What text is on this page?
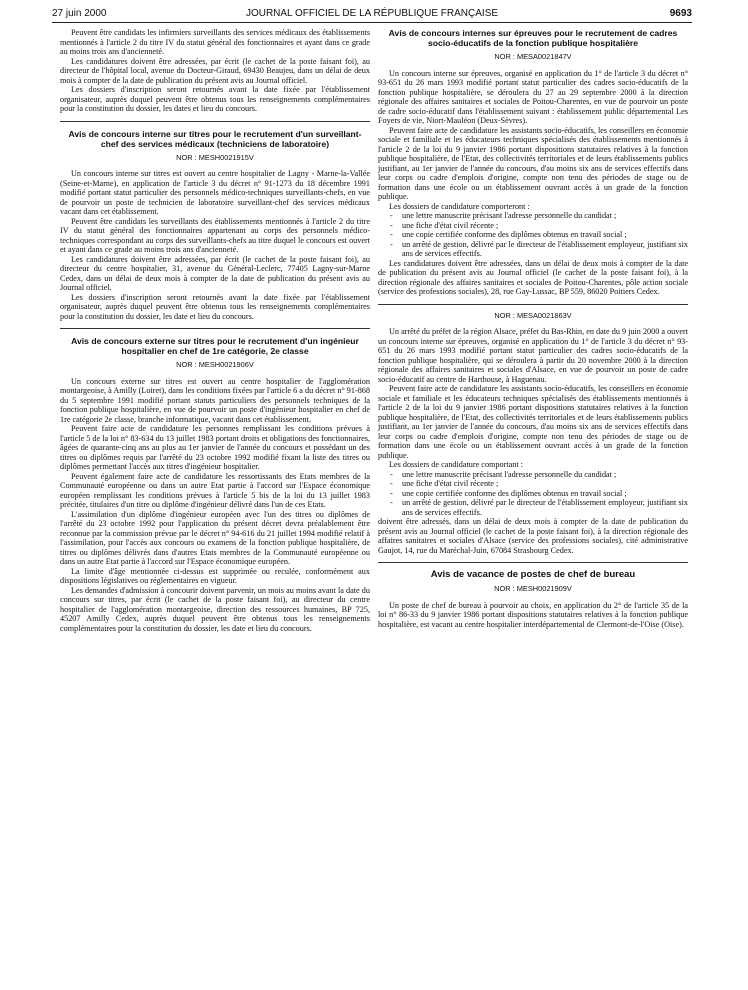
27 juin 2000	JOURNAL OFFICIEL DE LA RÉPUBLIQUE FRANÇAISE	9693

Peuvent être candidats les infirmiers surveillants des services médicaux des établissements mentionnés à l'article 2 du titre IV du statut général des fonctionnaires et ayant dans ce grade au moins trois ans d'ancienneté.

Les candidatures doivent être adressées, par écrit (le cachet de la poste faisant foi), au directeur de l'hôpital local, avenue du Docteur-Giraud, 69430 Beaujeu, dans un délai de deux mois à compter de la date de publication du présent avis au Journal officiel.

Les dossiers d'inscription seront retournés avant la date fixée par l'établissement organisateur, auprès duquel peuvent être obtenus tous les renseignements complémentaires pour la constitution du dossier, les dates et lieu du concours.

Avis de concours interne sur titres pour le recrutement d'un surveillant-chef des services médicaux (techniciens de laboratoire)
NOR : MESH0021915V

Un concours interne sur titres est ouvert au centre hospitalier de Lagny - Marne-la-Vallée (Seine-et-Marne), en application de l'article 3 du décret n° 91-1273 du 18 décembre 1991 modifié portant statut particulier des personnels médico-techniques surveillants-chefs, en vue de pourvoir un poste de technicien de laboratoire surveillant-chef des services médicaux vacant dans cet établissement.

Peuvent être candidats les surveillants des établissements mentionnés à l'article 2 du titre IV du statut général des fonctionnaires appartenant au corps des personnels médico-techniques correspondant au corps des surveillants-chefs au titre duquel le concours est ouvert et ayant dans ce grade au moins trois ans d'ancienneté.

Les candidatures doivent être adressées, par écrit (le cachet de la poste faisant foi), au directeur du centre hospitalier, 31, avenue du Général-Leclerc, 77405 Lagny-sur-Marne Cedex, dans un délai de deux mois à compter de la date de publication du présent avis au Journal officiel.

Les dossiers d'inscription seront retournés avant la date fixée par l'établissement organisateur, auprès duquel peuvent être obtenus tous les renseignements complémentaires pour la constitution du dossier, les date et lieu du concours.

Avis de concours externe sur titres pour le recrutement d'un ingénieur hospitalier en chef de 1re catégorie, 2e classe
NOR : MESH0021906V

Un concours externe sur titres est ouvert au centre hospitalier de l'agglomération montargeoise, à Amilly (Loiret), dans les conditions fixées par l'article 6 a du décret n° 91-868 du 5 septembre 1991 modifié portant statuts particuliers des personnels techniques de la fonction publique hospitalière, en vue de pourvoir un poste d'ingénieur hospitalier en chef de 1re catégorie 2e classe, branche informatique, vacant dans cet établissement.

Peuvent faire acte de candidature les personnes remplissant les conditions prévues à l'article 5 de la loi n° 83-634 du 13 juillet 1983 portant droits et obligations des fonctionnaires, âgées de quarante-cinq ans au plus au 1er janvier de l'année du concours et possédant un des titres ou diplômes requis par l'arrêté du 23 octobre 1992 modifié fixant la liste des titres ou diplômes permettant l'accès aux titres d'ingénieur hospitalier.

Peuvent également faire acte de candidature les ressortissants des Etats membres de la Communauté européenne ou dans un autre Etat partie à l'accord sur l'Espace économique européen remplissant les conditions prévues à l'article 5 bis de la loi du 13 juillet 1983 précitée, titulaires d'un titre ou diplôme d'ingénieur délivré dans l'un de ces Etats.

L'assimilation d'un diplôme d'ingénieur européen avec l'un des titres ou diplômes de l'arrêté du 23 octobre 1992 pour l'application du présent décret devra préalablement être reconnue par la commission prévue par le décret n° 94-616 du 21 juillet 1994 modifié relatif à l'assimilation, pour l'accès aux concours ou examens de la fonction publique hospitalière, de titres ou diplômes délivrés dans d'autres Etats membres de la Communauté européenne ou dans un autre Etat partie à l'accord sur l'Espace économique européen.

La limite d'âge mentionnée ci-dessus est supprimée ou reculée, conformément aux dispositions législatives ou réglementaires en vigueur.

Les demandes d'admission à concourir doivent parvenir, un mois au moins avant la date du concours sur titres, par écrit (le cachet de la poste faisant foi), au directeur du centre hospitalier de l'agglomération montargeoise, direction des ressources humaines, BP 725, 45207 Amilly Cedex, auprès duquel peuvent être obtenus tous les renseignements complémentaires pour la constitution du dossier, les date et lieu du concours.

Avis de concours internes sur épreuves pour le recrutement de cadres socio-éducatifs de la fonction publique hospitalière
NOR : MESA0021847V

Un concours interne sur épreuves, organisé en application du 1° de l'article 3 du décret n° 93-651 du 26 mars 1993 modifié portant statut particulier des cadres socio-éducatifs de la fonction publique hospitalière, se déroulera du 27 au 29 septembre 2000 à la direction régionale des affaires sanitaires et sociales de Poitou-Charentes, en vue de pourvoir un poste de cadre socio-éducatif dans l'établissement suivant : établissement public départemental Les Foyers de vie, Niort-Mauléon (Deux-Sèvres).

Peuvent faire acte de candidature les assistants socio-éducatifs, les conseillers en économie sociale et familiale et les éducateurs techniques spécialisés des établissements mentionnés à l'article 2 de la loi du 9 janvier 1986 portant dispositions statutaires relatives à la fonction publique hospitalière, de l'Etat, des collectivités territoriales et de leurs établissements publics justifiant, au 1er janvier de l'année du concours, d'au moins six ans de services effectifs dans leur corps ou cadre d'emplois d'origine, compte non tenu des périodes de stage ou de formation dans une école ou un établissement ouvrant accès à un grade de la fonction publique.

Les dossiers de candidature comporteront :

- une lettre manuscrite précisant l'adresse personnelle du candidat ;
- une fiche d'état civil récente ;
- une copie certifiée conforme des diplômes obtenus en travail social ;
- un arrêté de gestion, délivré par le directeur de l'établissement employeur, justifiant six ans de services effectifs.

Les candidatures doivent être adressées, dans un délai de deux mois à compter de la date de publication du présent avis au Journal officiel (le cachet de la poste faisant foi), à la direction régionale des affaires sanitaires et sociales de Poitou-Charentes, pôle action sociale (service des professions sociales), 28, rue Gay-Lussac, BP 559, 86020 Poitiers Cedex.

NOR : MESA0021863V

Un arrêté du préfet de la région Alsace, préfet du Bas-Rhin, en date du 9 juin 2000 a ouvert un concours interne sur épreuves, organisé en application du 1° de l'article 3 du décret n° 93-651 du 26 mars 1993 modifié portant statut particulier des cadres socio-éducatifs de la fonction publique hospitalière, qui se déroulera à partir du 20 novembre 2000 à la direction régionale des affaires sanitaires et sociales d'Alsace, en vue de pourvoir un poste de cadre socio-éducatif au centre de Harthouse, à Haguenau.

Peuvent faire acte de candidature les assistants socio-éducatifs, les conseillers en économie sociale et familiale et les éducateurs techniques spécialisés des établissements mentionnés à l'article 2 de la loi du 9 janvier 1986 portant dispositions statutaires relatives à la fonction publique hospitalière, de l'Etat, des collectivités territoriales et de leurs établissements publics justifiant, au 1er janvier de l'année du concours, d'au moins six ans de services effectifs dans leur corps ou cadre d'emplois d'origine, compte non tenu des périodes de stage ou de formation dans une école ou un établissement ouvrant accès à un grade de la fonction publique.

Les dossiers de candidature comportant :

- une lettre manuscrite précisant l'adresse personnelle du candidat ;
- une fiche d'état civil récente ;
- une copie certifiée conforme des diplômes obtenus en travail social ;
- un arrêté de gestion, délivré par le directeur de l'établissement employeur, justifiant six ans de services effectifs.

doivent être adressés, dans un délai de deux mois à compter de la date de publication du présent avis au Journal officiel (le cachet de la poste faisant foi), à la direction régionale des affaires sanitaires et sociales d'Alsace (service des professions sociales), cité administrative Gaujot, 14, rue du Maréchal-Juin, 67084 Strasbourg Cedex.

Avis de vacance de postes de chef de bureau
NOR : MESH0021909V

Un poste de chef de bureau à pourvoir au choix, en application du 2° de l'article 35 de la loi n° 86-33 du 9 janvier 1986 portant dispositions statutaires relatives à la fonction publique hospitalière, est vacant au centre hospitalier interdépartemental de Clermont-de-l'Oise (Oise).
